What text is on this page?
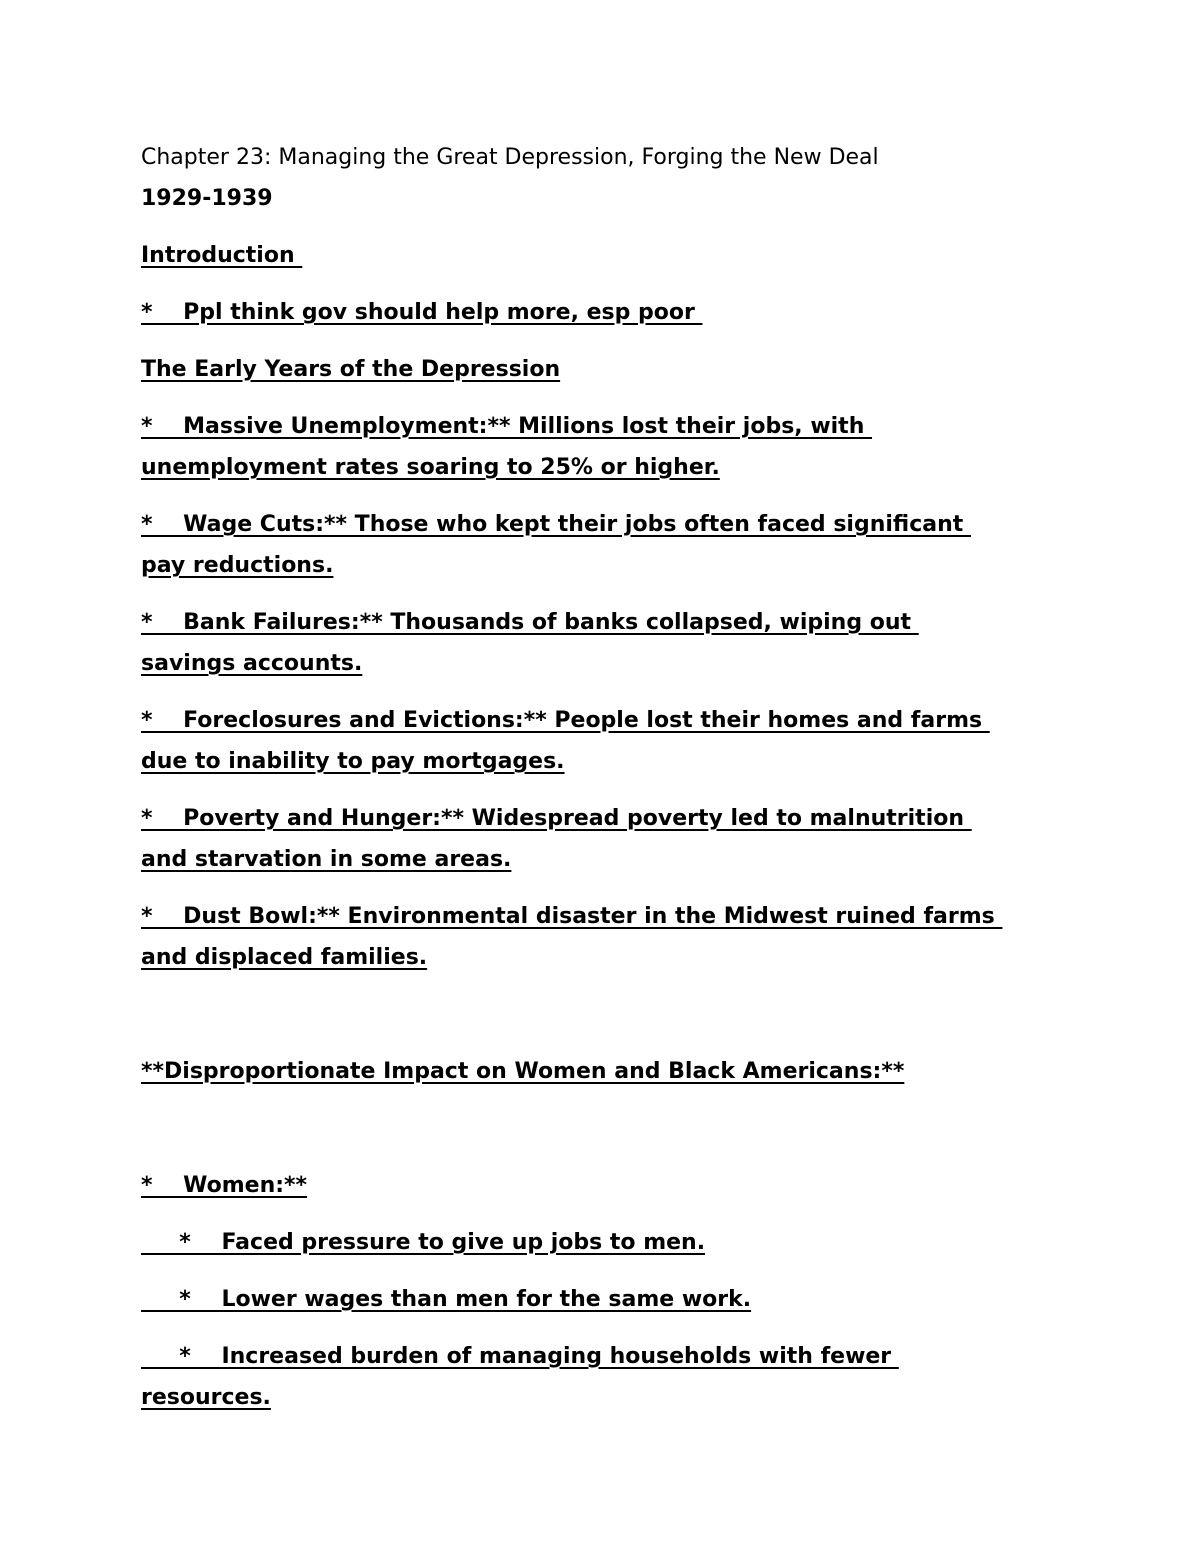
Chapter 23: Managing the Great Depression, Forging the New Deal
1929-1939
Introduction
*    Ppl think gov should help more, esp poor
The Early Years of the Depression
*    Massive Unemployment:** Millions lost their jobs, with
unemployment rates soaring to 25% or higher.
*    Wage Cuts:** Those who kept their jobs often faced significant
pay reductions.
*    Bank Failures:** Thousands of banks collapsed, wiping out
savings accounts.
*    Foreclosures and Evictions:** People lost their homes and farms
due to inability to pay mortgages.
*    Poverty and Hunger:** Widespread poverty led to malnutrition
and starvation in some areas.
*    Dust Bowl:** Environmental disaster in the Midwest ruined farms
and displaced families.
**Disproportionate Impact on Women and Black Americans:**
*    Women:**
*    Faced pressure to give up jobs to men.
*    Lower wages than men for the same work.
*    Increased burden of managing households with fewer
resources.
